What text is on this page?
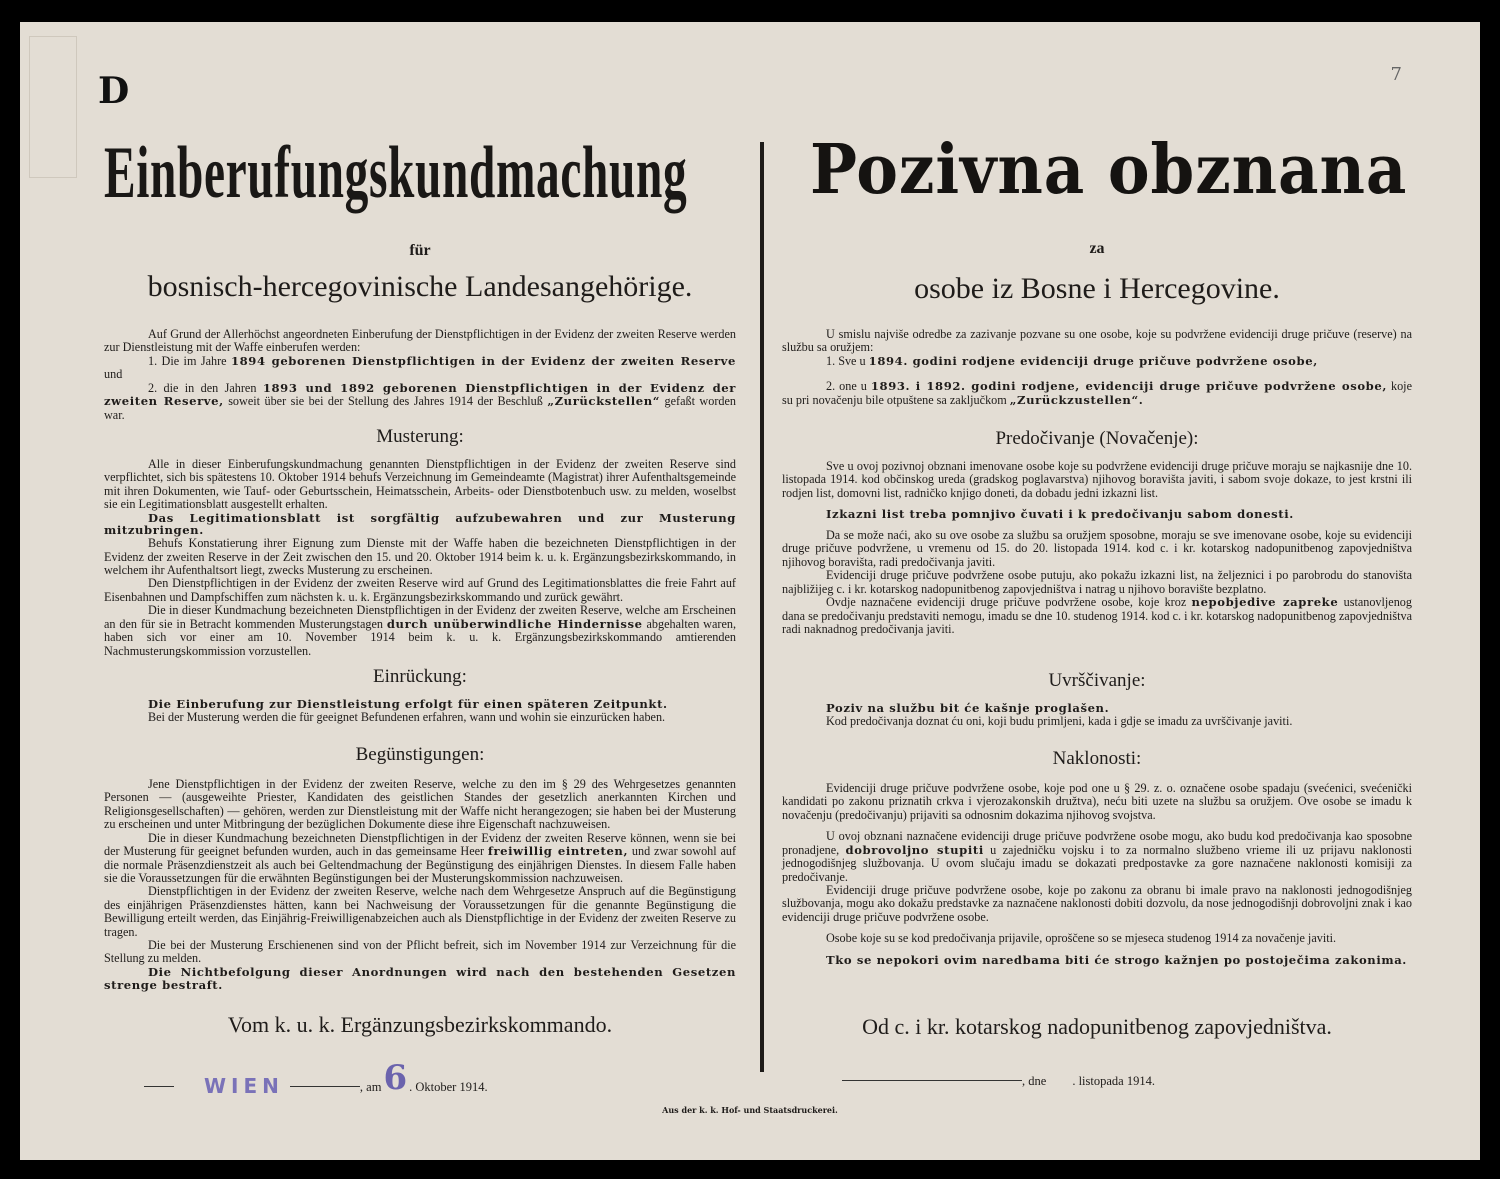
D	7
Einberufungskundmachung
für
bosnisch-hercegovinische Landesangehörige.

Auf Grund der Allerhöchst angeordneten Einberufung der Dienstpflichtigen in der Evidenz der zweiten Reserve werden zur Dienstleistung mit der Waffe einberufen werden:

1. Die im Jahre 1894 geborenen Dienstpflichtigen in der Evidenz der zweiten Reserve und

2. die in den Jahren 1893 und 1892 geborenen Dienstpflichtigen in der Evidenz der zweiten Reserve, soweit über sie bei der Stellung des Jahres 1914 der Beschluß „Zurückstellen“ gefaßt worden war.

Musterung:

Alle in dieser Einberufungskundmachung genannten Dienstpflichtigen in der Evidenz der zweiten Reserve sind verpflichtet, sich bis spätestens 10. Oktober 1914 behufs Verzeichnung im Gemeindeamte (Magistrat) ihrer Aufenthaltsgemeinde mit ihren Dokumenten, wie Tauf- oder Geburtsschein, Heimatsschein, Arbeits- oder Dienstbotenbuch usw. zu melden, woselbst sie ein Legitimationsblatt ausgestellt erhalten.

Das Legitimationsblatt ist sorgfältig aufzubewahren und zur Musterung mitzubringen.

Behufs Konstatierung ihrer Eignung zum Dienste mit der Waffe haben die bezeichneten Dienstpflichtigen in der Evidenz der zweiten Reserve in der Zeit zwischen den 15. und 20. Oktober 1914 beim k. u. k. Ergänzungsbezirkskommando, in welchem ihr Aufenthaltsort liegt, zwecks Musterung zu erscheinen.

Den Dienstpflichtigen in der Evidenz der zweiten Reserve wird auf Grund des Legitimationsblattes die freie Fahrt auf Eisenbahnen und Dampfschiffen zum nächsten k. u. k. Ergänzungsbezirkskommando und zurück gewährt.

Die in dieser Kundmachung bezeichneten Dienstpflichtigen in der Evidenz der zweiten Reserve, welche am Erscheinen an den für sie in Betracht kommenden Musterungstagen durch unüberwindliche Hindernisse abgehalten waren, haben sich vor einer am 10. November 1914 beim k. u. k. Ergänzungsbezirkskommando amtierenden Nachmusterungskommission vorzustellen.

Einrückung:

Die Einberufung zur Dienstleistung erfolgt für einen späteren Zeitpunkt.

Bei der Musterung werden die für geeignet Befundenen erfahren, wann und wohin sie einzurücken haben.

Begünstigungen:

Jene Dienstpflichtigen in der Evidenz der zweiten Reserve, welche zu den im § 29 des Wehrgesetzes genannten Personen — (ausgeweihte Priester, Kandidaten des geistlichen Standes der gesetzlich anerkannten Kirchen und Religionsgesellschaften) — gehören, werden zur Dienstleistung mit der Waffe nicht herangezogen; sie haben bei der Musterung zu erscheinen und unter Mitbringung der bezüglichen Dokumente diese ihre Eigenschaft nachzuweisen.

Die in dieser Kundmachung bezeichneten Dienstpflichtigen in der Evidenz der zweiten Reserve können, wenn sie bei der Musterung für geeignet befunden wurden, auch in das gemeinsame Heer freiwillig eintreten, und zwar sowohl auf die normale Präsenzdienstzeit als auch bei Geltendmachung der Begünstigung des einjährigen Dienstes. In diesem Falle haben sie die Voraussetzungen für die erwähnten Begünstigungen bei der Musterungskommission nachzuweisen.

Dienstpflichtigen in der Evidenz der zweiten Reserve, welche nach dem Wehrgesetze Anspruch auf die Begünstigung des einjährigen Präsenzdienstes hätten, kann bei Nachweisung der Voraussetzungen für die genannte Begünstigung die Bewilligung erteilt werden, das Einjährig-Freiwilligenabzeichen auch als Dienstpflichtige in der Evidenz der zweiten Reserve zu tragen.

Die bei der Musterung Erschienenen sind von der Pflicht befreit, sich im November 1914 zur Verzeichnung für die Stellung zu melden.

Die Nichtbefolgung dieser Anordnungen wird nach den bestehenden Gesetzen strenge bestraft.

Vom k. u. k. Ergänzungsbezirkskommando.
WIEN	, am6 . Oktober 1914.
Pozivna obznana
za
osobe iz Bosne i Hercegovine.

U smislu najviše odredbe za zazivanje pozvane su one osobe, koje su podvržene evidenciji druge pričuve (reserve) na službu sa oružjem:

1. Sve u 1894. godini rodjene evidenciji druge pričuve podvržene osobe,

2. one u 1893. i 1892. godini rodjene, evidenciji druge pričuve podvržene osobe, koje su pri novačenju bile otpuštene sa zaključkom „Zurückzustellen“.

Predočivanje (Novačenje):

Sve u ovoj pozivnoj obznani imenovane osobe koje su podvržene evidenciji druge pričuve moraju se najkasnije dne 10. listopada 1914. kod občinskog ureda (gradskog poglavarstva) njihovog boravišta javiti, i sabom svoje dokaze, to jest krstni ili rodjen list, domovni list, radničko knjigo doneti, da dobadu jedni izkazni list.

Izkazni list treba pomnjivo čuvati i k predočivanju sabom donesti.

Da se može naći, ako su ove osobe za službu sa oružjem sposobne, moraju se sve imenovane osobe, koje su evidenciji druge pričuve podvržene, u vremenu od 15. do 20. listopada 1914. kod c. i kr. kotarskog nadopunitbenog zapovjedništva njihovog boravišta, radi predočivanja javiti.

Evidenciji druge pričuve podvržene osobe putuju, ako pokažu izkazni list, na željeznici i po parobrodu do stanovišta najbližijeg c. i kr. kotarskog nadopunitbenog zapovjedništva i natrag u njihovo boravište bezplatno.

Ovdje naznačene evidenciji druge pričuve podvržene osobe, koje kroz nepobjedive zapreke ustanovljenog dana se predočivanju predstaviti nemogu, imadu se dne 10. studenog 1914. kod c. i kr. kotarskog nadopunitbenog zapovjedništva radi naknadnog predočivanja javiti.

Uvrščivanje:

Poziv na službu bit će kašnje proglašen.

Kod predočivanja doznat ću oni, koji budu primljeni, kada i gdje se imadu za uvrščivanje javiti.

Naklonosti:

Evidenciji druge pričuve podvržene osobe, koje pod one u § 29. z. o. označene osobe spadaju (svećenici, svećenički kandidati po zakonu priznatih crkva i vjerozakonskih družtva), neću biti uzete na službu sa oružjem. Ove osobe se imadu k novačenju (predočivanju) prijaviti sa odnosnim dokazima njihovog svojstva.

U ovoj obznani naznačene evidenciji druge pričuve podvržene osobe mogu, ako budu kod predočivanja kao sposobne pronadjene, dobrovoljno stupiti u zajedničku vojsku i to za normalno službeno vrieme ili uz prijavu naklonosti jednogodišnjeg službovanja. U ovom slučaju imadu se dokazati predpostavke za gore naznačene naklonosti komisiji za predočivanje.

Evidenciji druge pričuve podvržene osobe, koje po zakonu za obranu bi imale pravo na naklonosti jednogodišnjeg službovanja, mogu ako dokažu predstavke za naznačene naklonosti dobiti dozvolu, da nose jednogodišnji dobrovoljni znak i kao evidenciji druge pričuve podvržene osobe.

Osobe koje su se kod predočivanja prijavile, oproščene so se mjeseca studenog 1914 za novačenje javiti.

Tko se nepokori ovim naredbama biti će strogo kažnjen po postoječima zakonima.

Od c. i kr. kotarskog nadopunitbenog zapovjedništva.
, dne . listopada 1914.
Aus der k. k. Hof- und Staatsdruckerei.
